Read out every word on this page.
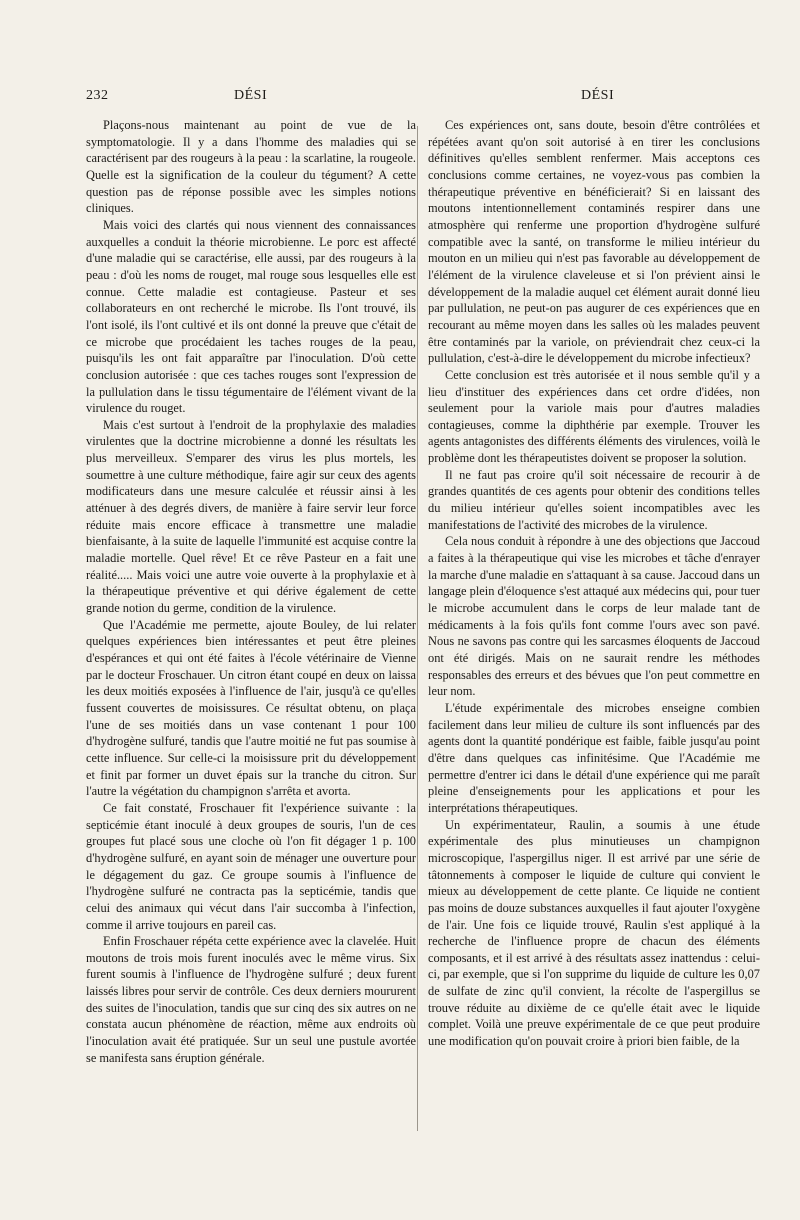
232	DÉSI	DÉSI

Plaçons-nous maintenant au point de vue de la symptomatologie. Il y a dans l'homme des maladies qui se caractérisent par des rougeurs à la peau : la scarlatine, la rougeole. Quelle est la signification de la couleur du tégument? A cette question pas de réponse possible avec les simples notions cliniques.

Mais voici des clartés qui nous viennent des connaissances auxquelles a conduit la théorie microbienne. Le porc est affecté d'une maladie qui se caractérise, elle aussi, par des rougeurs à la peau : d'où les noms de rouget, mal rouge sous lesquelles elle est connue. Cette maladie est contagieuse. Pasteur et ses collaborateurs en ont recherché le microbe. Ils l'ont trouvé, ils l'ont isolé, ils l'ont cultivé et ils ont donné la preuve que c'était de ce microbe que procédaient les taches rouges de la peau, puisqu'ils les ont fait apparaître par l'inoculation. D'où cette conclusion autorisée : que ces taches rouges sont l'expression de la pullulation dans le tissu tégumentaire de l'élément vivant de la virulence du rouget.

Mais c'est surtout à l'endroit de la prophylaxie des maladies virulentes que la doctrine microbienne a donné les résultats les plus merveilleux. S'emparer des virus les plus mortels, les soumettre à une culture méthodique, faire agir sur ceux des agents modificateurs dans une mesure calculée et réussir ainsi à les atténuer à des degrés divers, de manière à faire servir leur force réduite mais encore efficace à transmettre une maladie bienfaisante, à la suite de laquelle l'immunité est acquise contre la maladie mortelle. Quel rêve! Et ce rêve Pasteur en a fait une réalité..... Mais voici une autre voie ouverte à la prophylaxie et à la thérapeutique préventive et qui dérive également de cette grande notion du germe, condition de la virulence.

Que l'Académie me permette, ajoute Bouley, de lui relater quelques expériences bien intéressantes et peut être pleines d'espérances et qui ont été faites à l'école vétérinaire de Vienne par le docteur Froschauer. Un citron étant coupé en deux on laissa les deux moitiés exposées à l'influence de l'air, jusqu'à ce qu'elles fussent couvertes de moisissures. Ce résultat obtenu, on plaça l'une de ses moitiés dans un vase contenant 1 pour 100 d'hydrogène sulfuré, tandis que l'autre moitié ne fut pas soumise à cette influence. Sur celle-ci la moisissure prit du développement et finit par former un duvet épais sur la tranche du citron. Sur l'autre la végétation du champignon s'arrêta et avorta.

Ce fait constaté, Froschauer fit l'expérience suivante : la septicémie étant inoculé à deux groupes de souris, l'un de ces groupes fut placé sous une cloche où l'on fit dégager 1 p. 100 d'hydrogène sulfuré, en ayant soin de ménager une ouverture pour le dégagement du gaz. Ce groupe soumis à l'influence de l'hydrogène sulfuré ne contracta pas la septicémie, tandis que celui des animaux qui vécut dans l'air succomba à l'infection, comme il arrive toujours en pareil cas.

Enfin Froschauer répéta cette expérience avec la clavelée. Huit moutons de trois mois furent inoculés avec le même virus. Six furent soumis à l'influence de l'hydrogène sulfuré ; deux furent laissés libres pour servir de contrôle. Ces deux derniers moururent des suites de l'inoculation, tandis que sur cinq des six autres on ne constata aucun phénomène de réaction, même aux endroits où l'inoculation avait été pratiquée. Sur un seul une pustule avortée se manifesta sans éruption générale.

Ces expériences ont, sans doute, besoin d'être contrôlées et répétées avant qu'on soit autorisé à en tirer les conclusions définitives qu'elles semblent renfermer. Mais acceptons ces conclusions comme certaines, ne voyez-vous pas combien la thérapeutique préventive en bénéficierait? Si en laissant des moutons intentionnellement contaminés respirer dans une atmosphère qui renferme une proportion d'hydrogène sulfuré compatible avec la santé, on transforme le milieu intérieur du mouton en un milieu qui n'est pas favorable au développement de l'élément de la virulence claveleuse et si l'on prévient ainsi le développement de la maladie auquel cet élément aurait donné lieu par pullulation, ne peut-on pas augurer de ces expériences que en recourant au même moyen dans les salles où les malades peuvent être contaminés par la variole, on préviendrait chez ceux-ci la pullulation, c'est-à-dire le développement du microbe infectieux?

Cette conclusion est très autorisée et il nous semble qu'il y a lieu d'instituer des expériences dans cet ordre d'idées, non seulement pour la variole mais pour d'autres maladies contagieuses, comme la diphthérie par exemple. Trouver les agents antagonistes des différents éléments des virulences, voilà le problème dont les thérapeutistes doivent se proposer la solution.

Il ne faut pas croire qu'il soit nécessaire de recourir à de grandes quantités de ces agents pour obtenir des conditions telles du milieu intérieur qu'elles soient incompatibles avec les manifestations de l'activité des microbes de la virulence.

Cela nous conduit à répondre à une des objections que Jaccoud a faites à la thérapeutique qui vise les microbes et tâche d'enrayer la marche d'une maladie en s'attaquant à sa cause. Jaccoud dans un langage plein d'éloquence s'est attaqué aux médecins qui, pour tuer le microbe accumulent dans le corps de leur malade tant de médicaments à la fois qu'ils font comme l'ours avec son pavé. Nous ne savons pas contre qui les sarcasmes éloquents de Jaccoud ont été dirigés. Mais on ne saurait rendre les méthodes responsables des erreurs et des bévues que l'on peut commettre en leur nom.

L'étude expérimentale des microbes enseigne combien facilement dans leur milieu de culture ils sont influencés par des agents dont la quantité pondérique est faible, faible jusqu'au point d'être dans quelques cas infinitésime. Que l'Académie me permettre d'entrer ici dans le détail d'une expérience qui me paraît pleine d'enseignements pour les applications et pour les interprétations thérapeutiques.

Un expérimentateur, Raulin, a soumis à une étude expérimentale des plus minutieuses un champignon microscopique, l'aspergillus niger. Il est arrivé par une série de tâtonnements à composer le liquide de culture qui convient le mieux au développement de cette plante. Ce liquide ne contient pas moins de douze substances auxquelles il faut ajouter l'oxygène de l'air. Une fois ce liquide trouvé, Raulin s'est appliqué à la recherche de l'influence propre de chacun des éléments composants, et il est arrivé à des résultats assez inattendus : celui-ci, par exemple, que si l'on supprime du liquide de culture les 0,07 de sulfate de zinc qu'il convient, la récolte de l'aspergillus se trouve réduite au dixième de ce qu'elle était avec le liquide complet. Voilà une preuve expérimentale de ce que peut produire une modification qu'on pouvait croire à priori bien faible, de la
